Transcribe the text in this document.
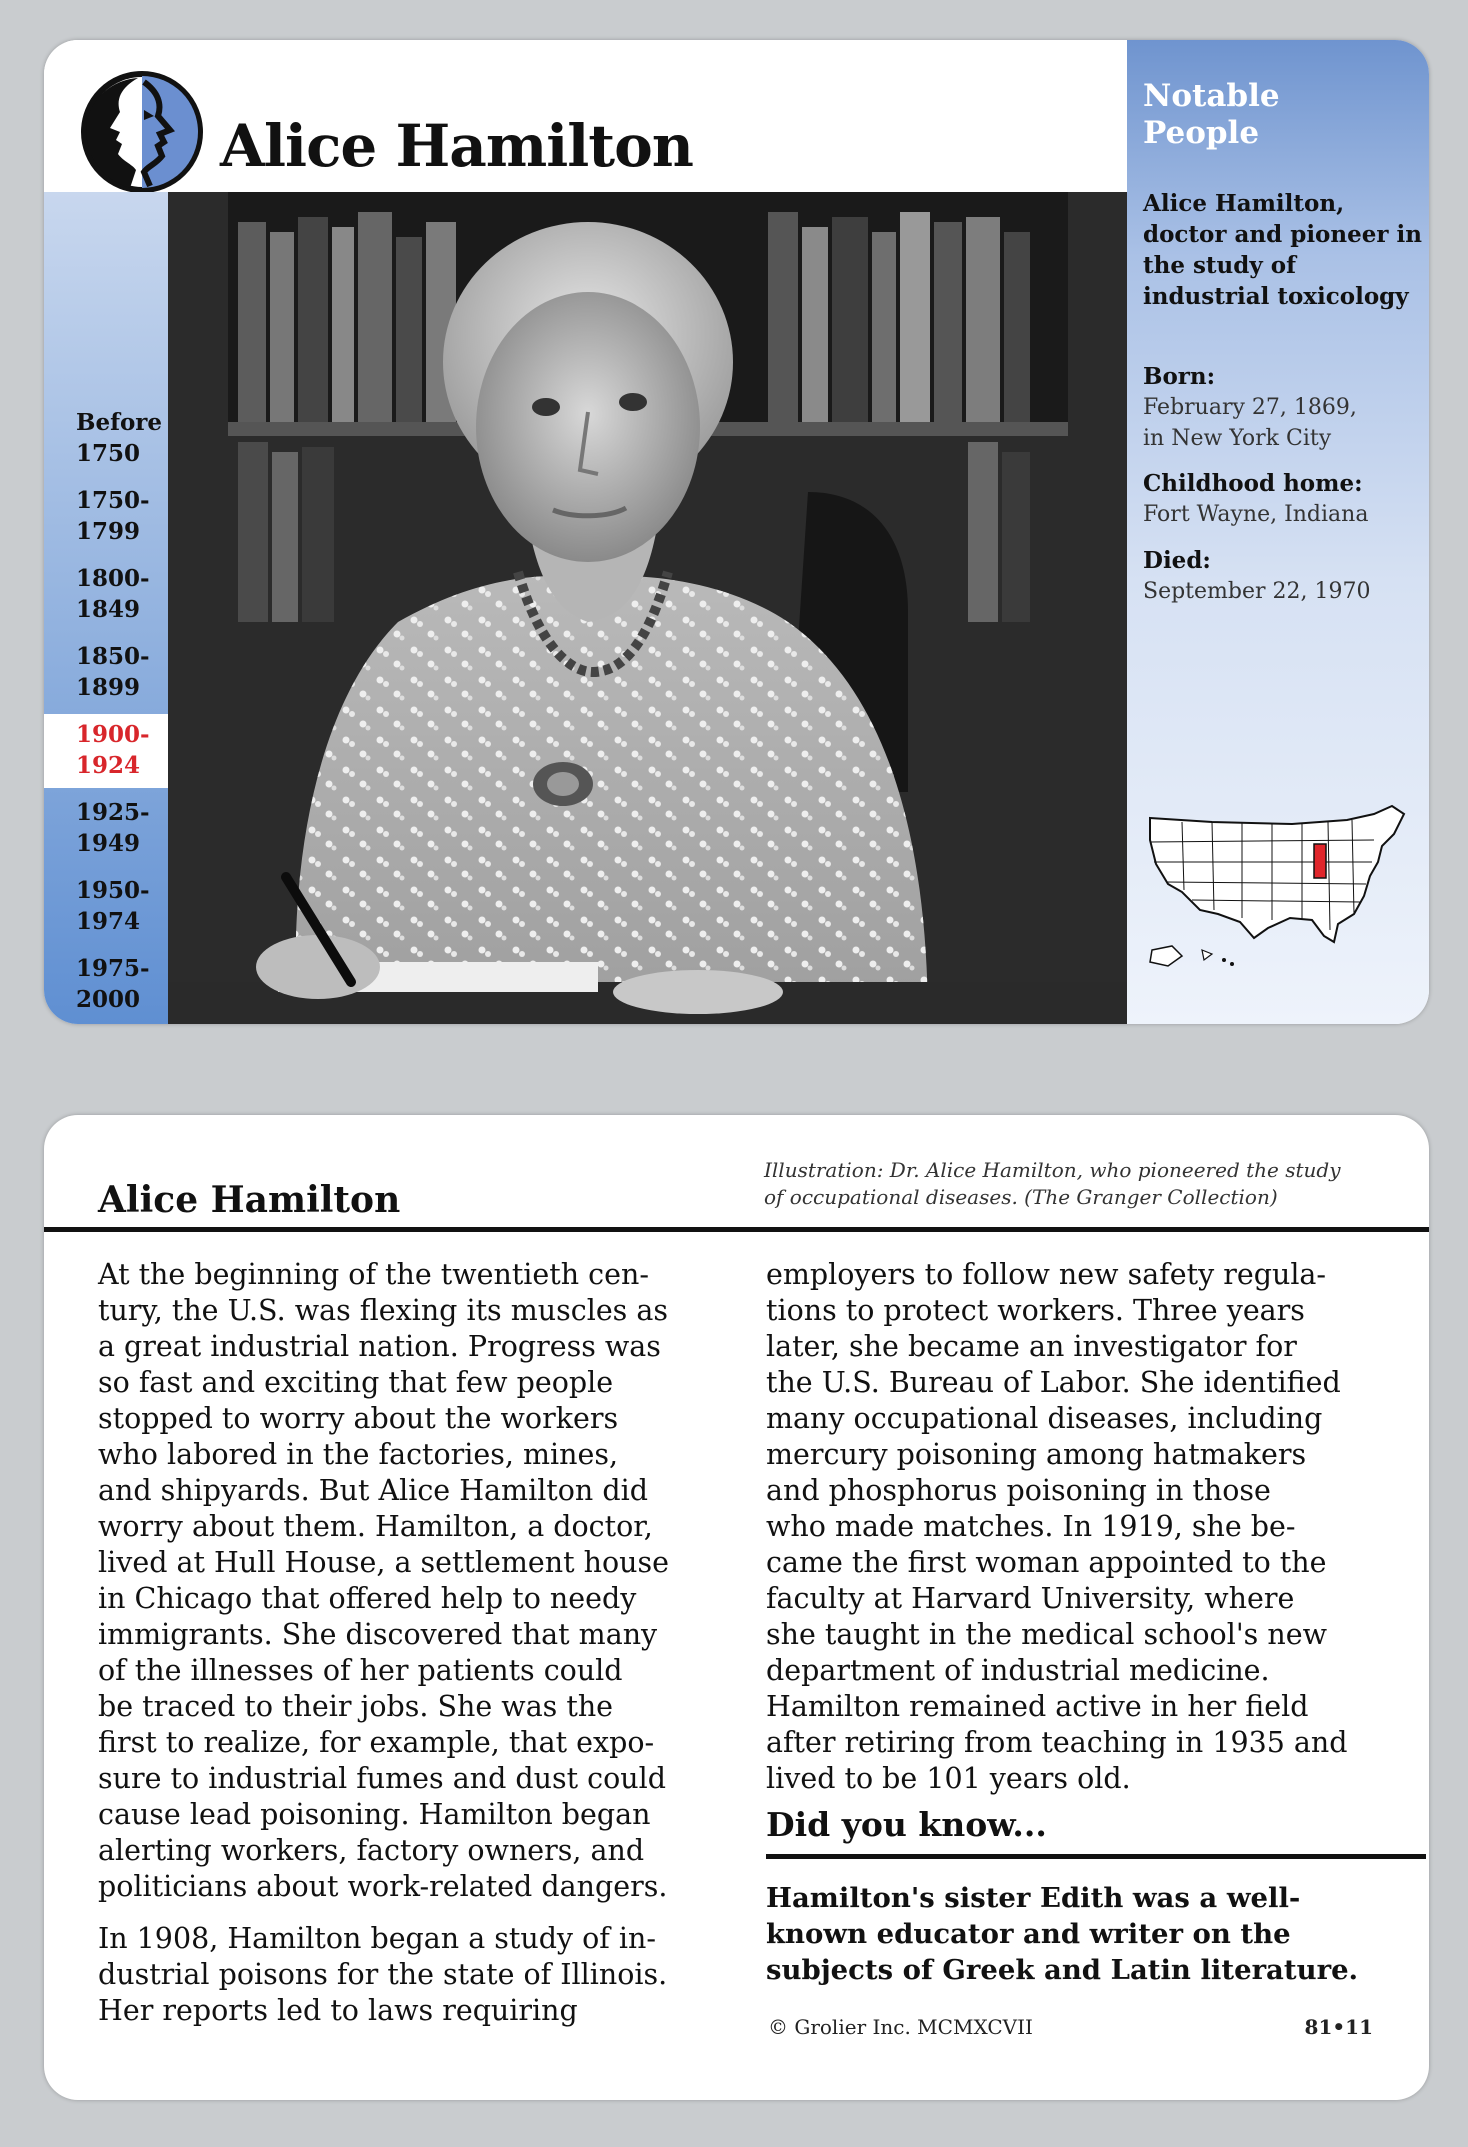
Alice Hamilton
Before
1750
1750-
1799
1800-
1849
1850-
1899
1900-
1924
1925-
1949
1950-
1974
1975-
2000
Notable
People
Alice Hamilton, doctor and pioneer in the study of industrial toxicology
Born:
February 27, 1869,
in New York City
Childhood home:
Fort Wayne, Indiana
Died:
September 22, 1970
Alice Hamilton
Illustration: Dr. Alice Hamilton, who pioneered the study
of occupational diseases. (The Granger Collection)

At the beginning of the twentieth cen-
tury, the U.S. was flexing its muscles as
a great industrial nation. Progress was
so fast and exciting that few people
stopped to worry about the workers
who labored in the factories, mines,
and shipyards. But Alice Hamilton did
worry about them. Hamilton, a doctor,
lived at Hull House, a settlement house
in Chicago that offered help to needy
immigrants. She discovered that many
of the illnesses of her patients could
be traced to their jobs. She was the
first to realize, for example, that expo-
sure to industrial fumes and dust could
cause lead poisoning. Hamilton began
alerting workers, factory owners, and
politicians about work-related dangers.

In 1908, Hamilton began a study of in-
dustrial poisons for the state of Illinois.
Her reports led to laws requiring

employers to follow new safety regula-
tions to protect workers. Three years
later, she became an investigator for
the U.S. Bureau of Labor. She identified
many occupational diseases, including
mercury poisoning among hatmakers
and phosphorus poisoning in those
who made matches. In 1919, she be-
came the first woman appointed to the
faculty at Harvard University, where
she taught in the medical school's new
department of industrial medicine.
Hamilton remained active in her field
after retiring from teaching in 1935 and
lived to be 101 years old.

Did you know...
Hamilton's sister Edith was a well-
known educator and writer on the
subjects of Greek and Latin literature.
© Grolier Inc. MCMXCVII	81•11
